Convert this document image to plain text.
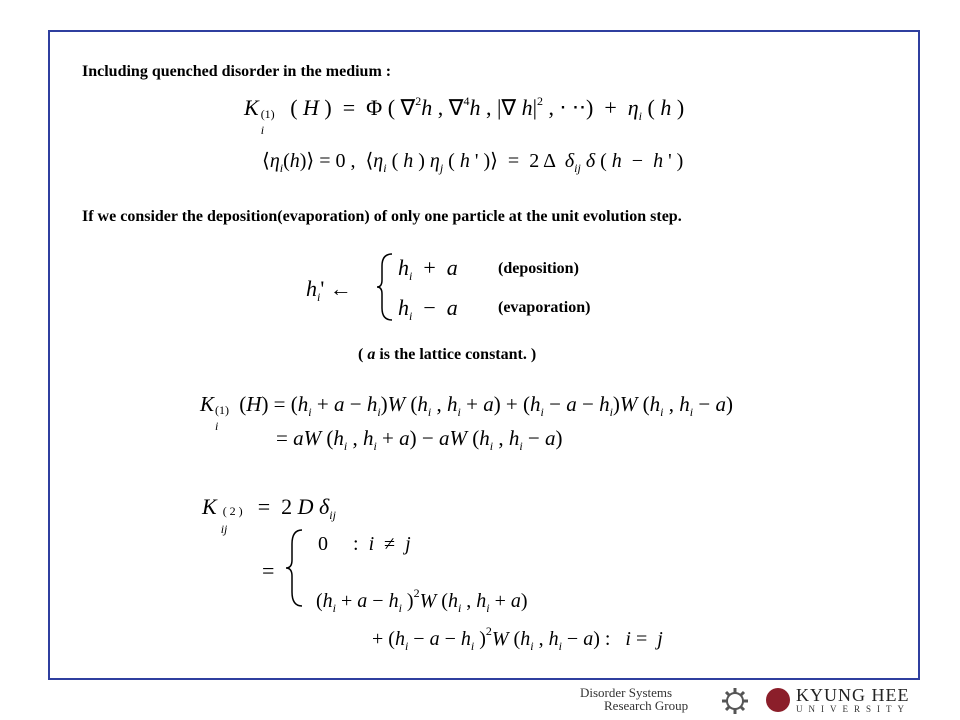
Including quenched disorder in the medium :
K (1)
i
( H )  =  Φ ( ∇$^2$h , ∇$^4$h , |∇ $h|^2$ , ⋅ ⋅⋅)  +  $\eta_i$ ( h )
$⟨\eta_i(h)⟩ = 0$ ,  $⟨\eta_i$ ( h ) $\eta_j$ ( h ' )⟩  =  2 Δ  $\delta_{ij}$ δ ( h  −  h ' )
If we consider the deposition(evaporation) of only one particle at the unit evolution step.
$h_i'$ ←
$h_i + a$
$h_i - a$
(deposition)
(evaporation)
( a is the lattice constant. )
K (1)
i
$(H) = (h_i + a - h_i)W$ ($h_i$ , $h_i + a) + (h_i - a - h_i)W$ ($h_i$ , $h_i - a$)
= aW ($h_i$ , $h_i + a$) − aW ($h_i$ , $h_i - a$)
K ( 2 )
ij
=  2 D $\delta_{ij}$
=
0     :  i  ≠  j
($h_i + a - h_i$ )$^2$W ($h_i$ , $h_i + a$)
+ ($h_i - a - h_i$ )$^2$W ($h_i$ , $h_i - a$) :   i =  j
Disorder Systems
Research Group
KYUNG HEE
UNIVERSITY
